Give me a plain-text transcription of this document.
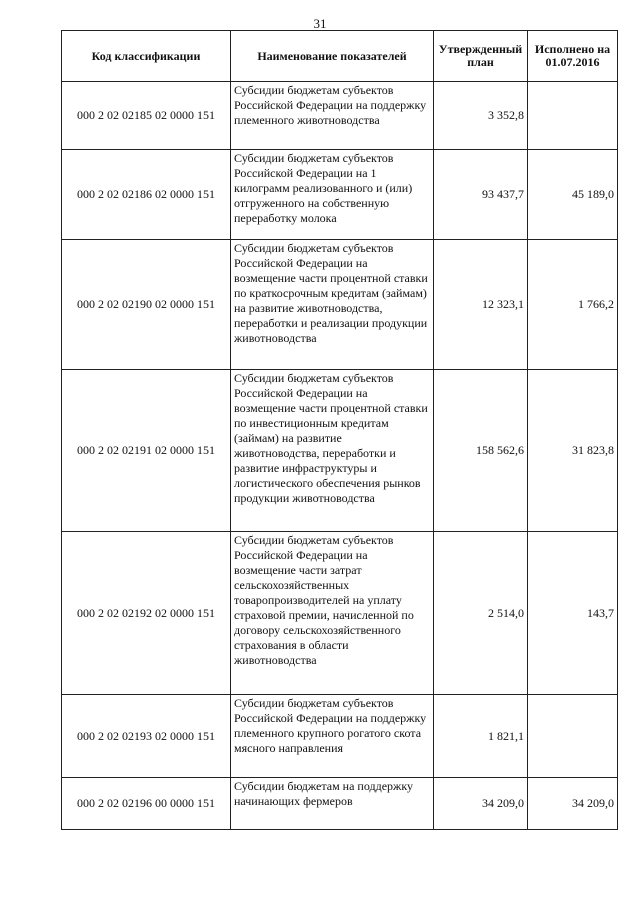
31
Код классификации	Наименование показателей	Утвержденный план	Исполнено на 01.07.2016
000 2 02 02185 02 0000 151	Субсидии бюджетам субъектов Российской Федерации на поддержку племенного животноводства	3 352,8	
000 2 02 02186 02 0000 151	Субсидии бюджетам субъектов Российской Федерации на 1 килограмм реализованного и (или) отгруженного на собственную переработку молока	93 437,7	45 189,0
000 2 02 02190 02 0000 151	Субсидии бюджетам субъектов Российской Федерации на возмещение части процентной ставки по краткосрочным кредитам (займам) на развитие животноводства, переработки и реализации продукции животноводства	12 323,1	1 766,2
000 2 02 02191 02 0000 151	Субсидии бюджетам субъектов Российской Федерации на возмещение части процентной ставки по инвестиционным кредитам (займам) на развитие животноводства, переработки и развитие инфраструктуры и логистического обеспечения рынков продукции животноводства	158 562,6	31 823,8
000 2 02 02192 02 0000 151	Субсидии бюджетам субъектов Российской Федерации на возмещение части затрат сельскохозяйственных товаропроизводителей на уплату страховой премии, начисленной по договору сельскохозяйственного страхования в области животноводства	2 514,0	143,7
000 2 02 02193 02 0000 151	Субсидии бюджетам субъектов Российской Федерации на поддержку племенного крупного рогатого скота мясного направления	1 821,1	
000 2 02 02196 00 0000 151	Субсидии бюджетам на поддержку начинающих фермеров	34 209,0	34 209,0
